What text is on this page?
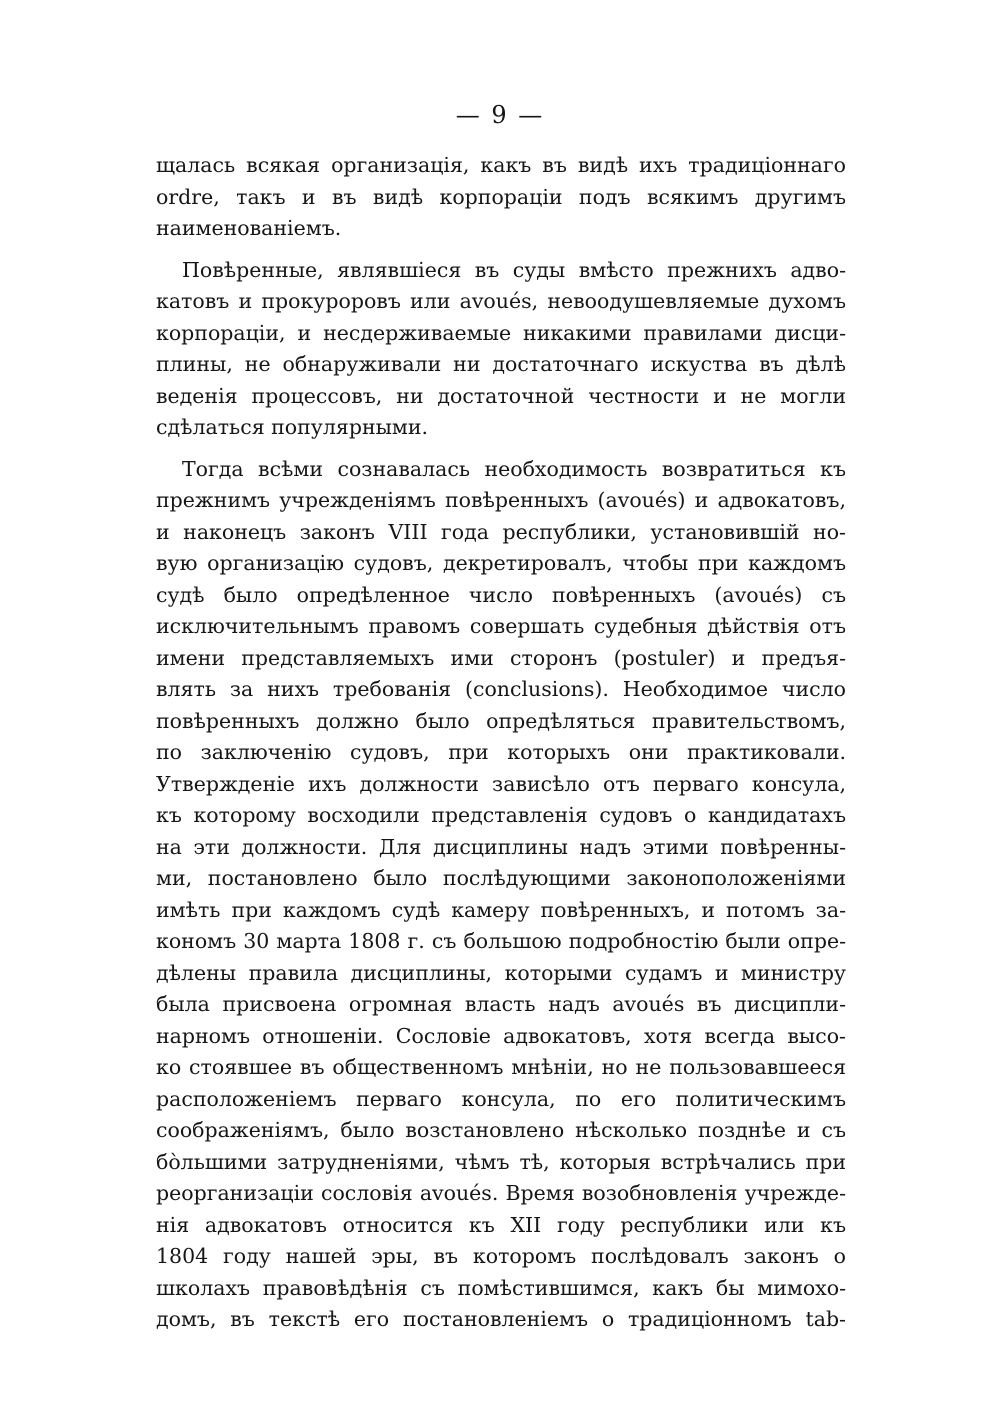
— 9 —
щалась всякая организація, какъ въ видѣ ихъ традиціоннаго
ordre, такъ и въ видѣ корпораціи подъ всякимъ другимъ
наименованіемъ.
Повѣренные, являвшіеся въ суды вмѣсто прежнихъ адво-
катовъ и прокуроровъ или avoués, невоодушевляемые духомъ
корпораціи, и несдерживаемые никакими правилами дисци-
плины, не обнаруживали ни достаточнаго искуства въ дѣлѣ
веденія процессовъ, ни достаточной честности и не могли
сдѣлаться популярными.
Тогда всѣми сознавалась необходимость возвратиться къ
прежнимъ учрежденіямъ повѣренныхъ (avoués) и адвокатовъ,
и наконецъ законъ VIII года республики, установившій но-
вую организацію судовъ, декретировалъ, чтобы при каждомъ
судѣ было опредѣленное число повѣренныхъ (avoués) съ
исключительнымъ правомъ совершать судебныя дѣйствія отъ
имени представляемыхъ ими сторонъ (postuler) и предъя-
влять за нихъ требованія (conclusions). Необходимое число
повѣренныхъ должно было опредѣляться правительствомъ,
по заключенію судовъ, при которыхъ они практиковали.
Утвержденіе ихъ должности зависѣло отъ перваго консула,
къ которому восходили представленія судовъ о кандидатахъ
на эти должности. Для дисциплины надъ этими повѣренны-
ми, постановлено было послѣдующими законоположеніями
имѣть при каждомъ судѣ камеру повѣренныхъ, и потомъ за-
кономъ 30 марта 1808 г. съ большою подробностію были опре-
дѣлены правила дисциплины, которыми судамъ и министру
была присвоена огромная власть надъ avoués въ дисципли-
нарномъ отношеніи. Сословіе адвокатовъ, хотя всегда высо-
ко стоявшее въ общественномъ мнѣніи, но не пользовавшееся
расположеніемъ перваго консула, по его политическимъ
соображеніямъ, было возстановлено нѣсколько позднѣе и съ
бо̀льшими затрудненіями, чѣмъ тѣ, которыя встрѣчались при
реорганизаціи сословія avoués. Время возобновленія учрежде-
нія адвокатовъ относится къ XII году республики или къ
1804 году нашей эры, въ которомъ послѣдовалъ законъ о
школахъ правовѣдѣнія съ помѣстившимся, какъ бы мимохо-
домъ, въ текстѣ его постановленіемъ о традиціонномъ tab-
